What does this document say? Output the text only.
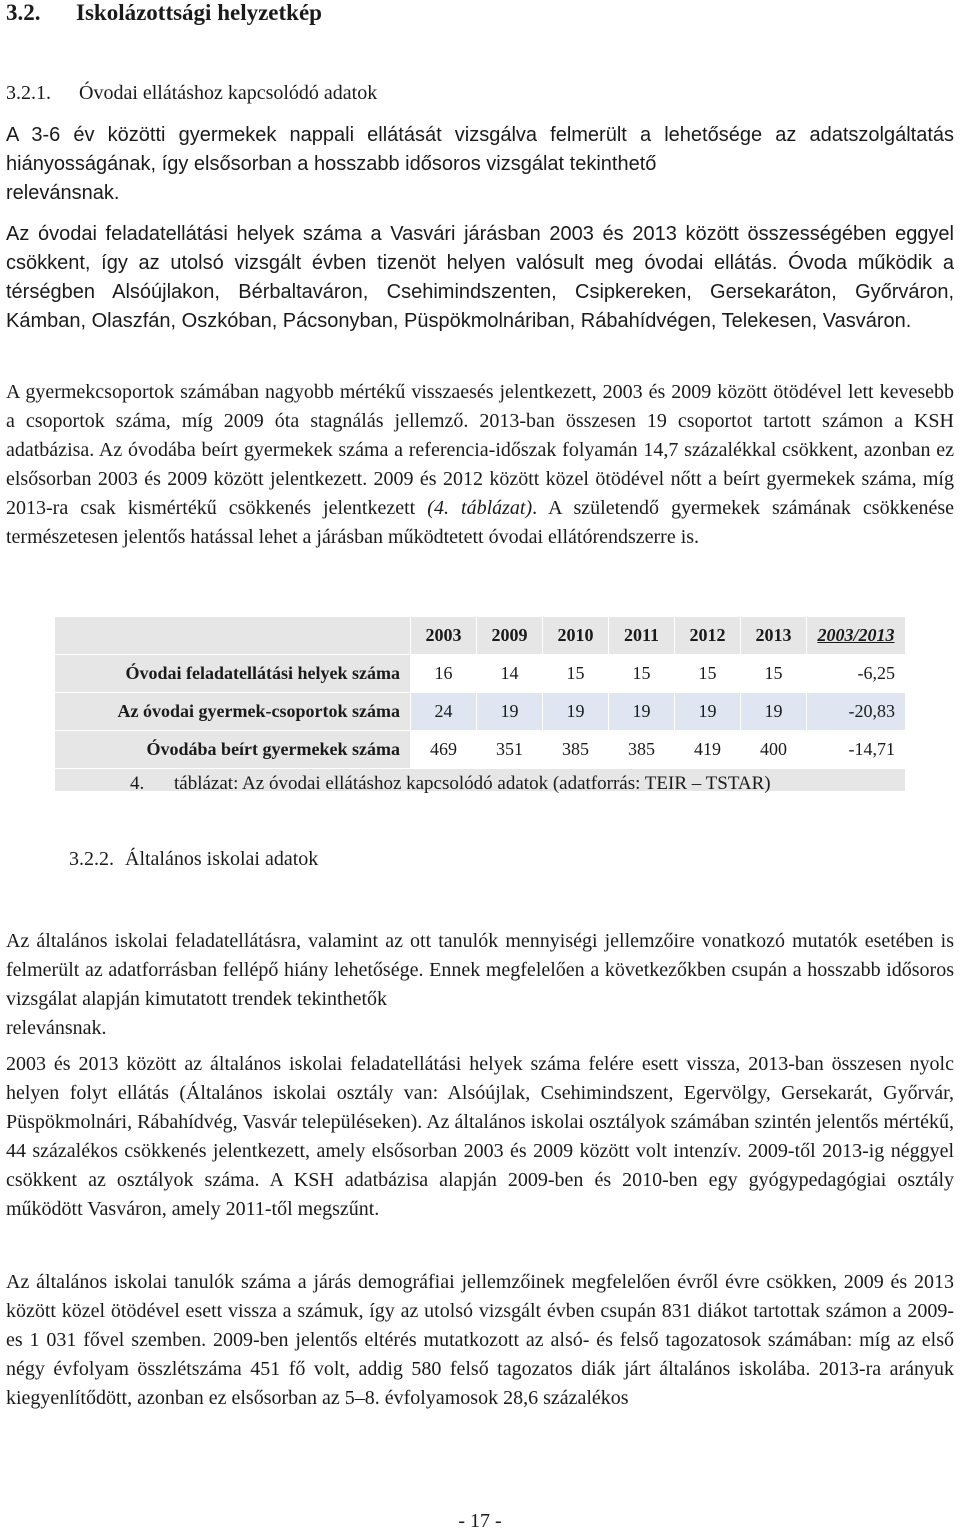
3.2. Iskolázottsági helyzetkép
3.2.1. Óvodai ellátáshoz kapcsolódó adatok

A 3-6 év közötti gyermekek nappali ellátását vizsgálva felmerült a lehetősége az adatszolgáltatás hiányosságának, így elsősorban a hosszabb idősoros vizsgálat tekinthető
relevánsnak.

Az óvodai feladatellátási helyek száma a Vasvári járásban 2003 és 2013 között összességében eggyel csökkent, így az utolsó vizsgált évben tizenöt helyen valósult meg óvodai ellátás. Óvoda működik a térségben Alsóújlakon, Bérbaltaváron, Csehimindszenten, Csipkereken, Gersekaráton, Győrváron, Kámban, Olaszfán, Oszkóban, Pácsonyban, Püspökmolnáriban, Rábahídvégen, Telekesen, Vasváron.

A gyermekcsoportok számában nagyobb mértékű visszaesés jelentkezett, 2003 és 2009 között ötödével lett kevesebb a csoportok száma, míg 2009 óta stagnálás jellemző. 2013-ban összesen 19 csoportot tartott számon a KSH adatbázisa. Az óvodába beírt gyermekek száma a referencia-időszak folyamán 14,7 százalékkal csökkent, azonban ez elsősorban 2003 és 2009 között jelentkezett. 2009 és 2012 között közel ötödével nőtt a beírt gyermekek száma, míg 2013-ra csak kismértékű csökkenés jelentkezett (4. táblázat). A születendő gyermekek számának csökkenése természetesen jelentős hatással lehet a járásban működtetett óvodai ellátórendszerre is.

	2003	2009	2010	2011	2012	2013	2003/2013
Óvodai feladatellátási helyek száma	16	14	15	15	15	15	-6,25
Az óvodai gyermek-csoportok száma	24	19	19	19	19	19	-20,83
Óvodába beírt gyermekek száma	469	351	385	385	419	400	-14,71

4. táblázat: Az óvodai ellátáshoz kapcsolódó adatok (adatforrás: TEIR – TSTAR)
3.2.2. Általános iskolai adatok

Az általános iskolai feladatellátásra, valamint az ott tanulók mennyiségi jellemzőire vonatkozó mutatók esetében is felmerült az adatforrásban fellépő hiány lehetősége. Ennek megfelelően a következőkben csupán a hosszabb idősoros vizsgálat alapján kimutatott trendek tekinthetők
relevánsnak.

2003 és 2013 között az általános iskolai feladatellátási helyek száma felére esett vissza, 2013-ban összesen nyolc helyen folyt ellátás (Általános iskolai osztály van: Alsóújlak, Csehimindszent, Egervölgy, Gersekarát, Győrvár, Püspökmolnári, Rábahídvég, Vasvár településeken). Az általános iskolai osztályok számában szintén jelentős mértékű, 44 százalékos csökkenés jelentkezett, amely elsősorban 2003 és 2009 között volt intenzív. 2009-től 2013-ig néggyel csökkent az osztályok száma. A KSH adatbázisa alapján 2009-ben és 2010-ben egy gyógypedagógiai osztály működött Vasváron, amely 2011-től megszűnt.

Az általános iskolai tanulók száma a járás demográfiai jellemzőinek megfelelően évről évre csökken, 2009 és 2013 között közel ötödével esett vissza a számuk, így az utolsó vizsgált évben csupán 831 diákot tartottak számon a 2009-es 1 031 fővel szemben. 2009-ben jelentős eltérés mutatkozott az alsó- és felső tagozatosok számában: míg az első négy évfolyam összlétszáma 451 fő volt, addig 580 felső tagozatos diák járt általános iskolába. 2013-ra arányuk kiegyenlítődött, azonban ez elsősorban az 5–8. évfolyamosok 28,6 százalékos

- 17 -
